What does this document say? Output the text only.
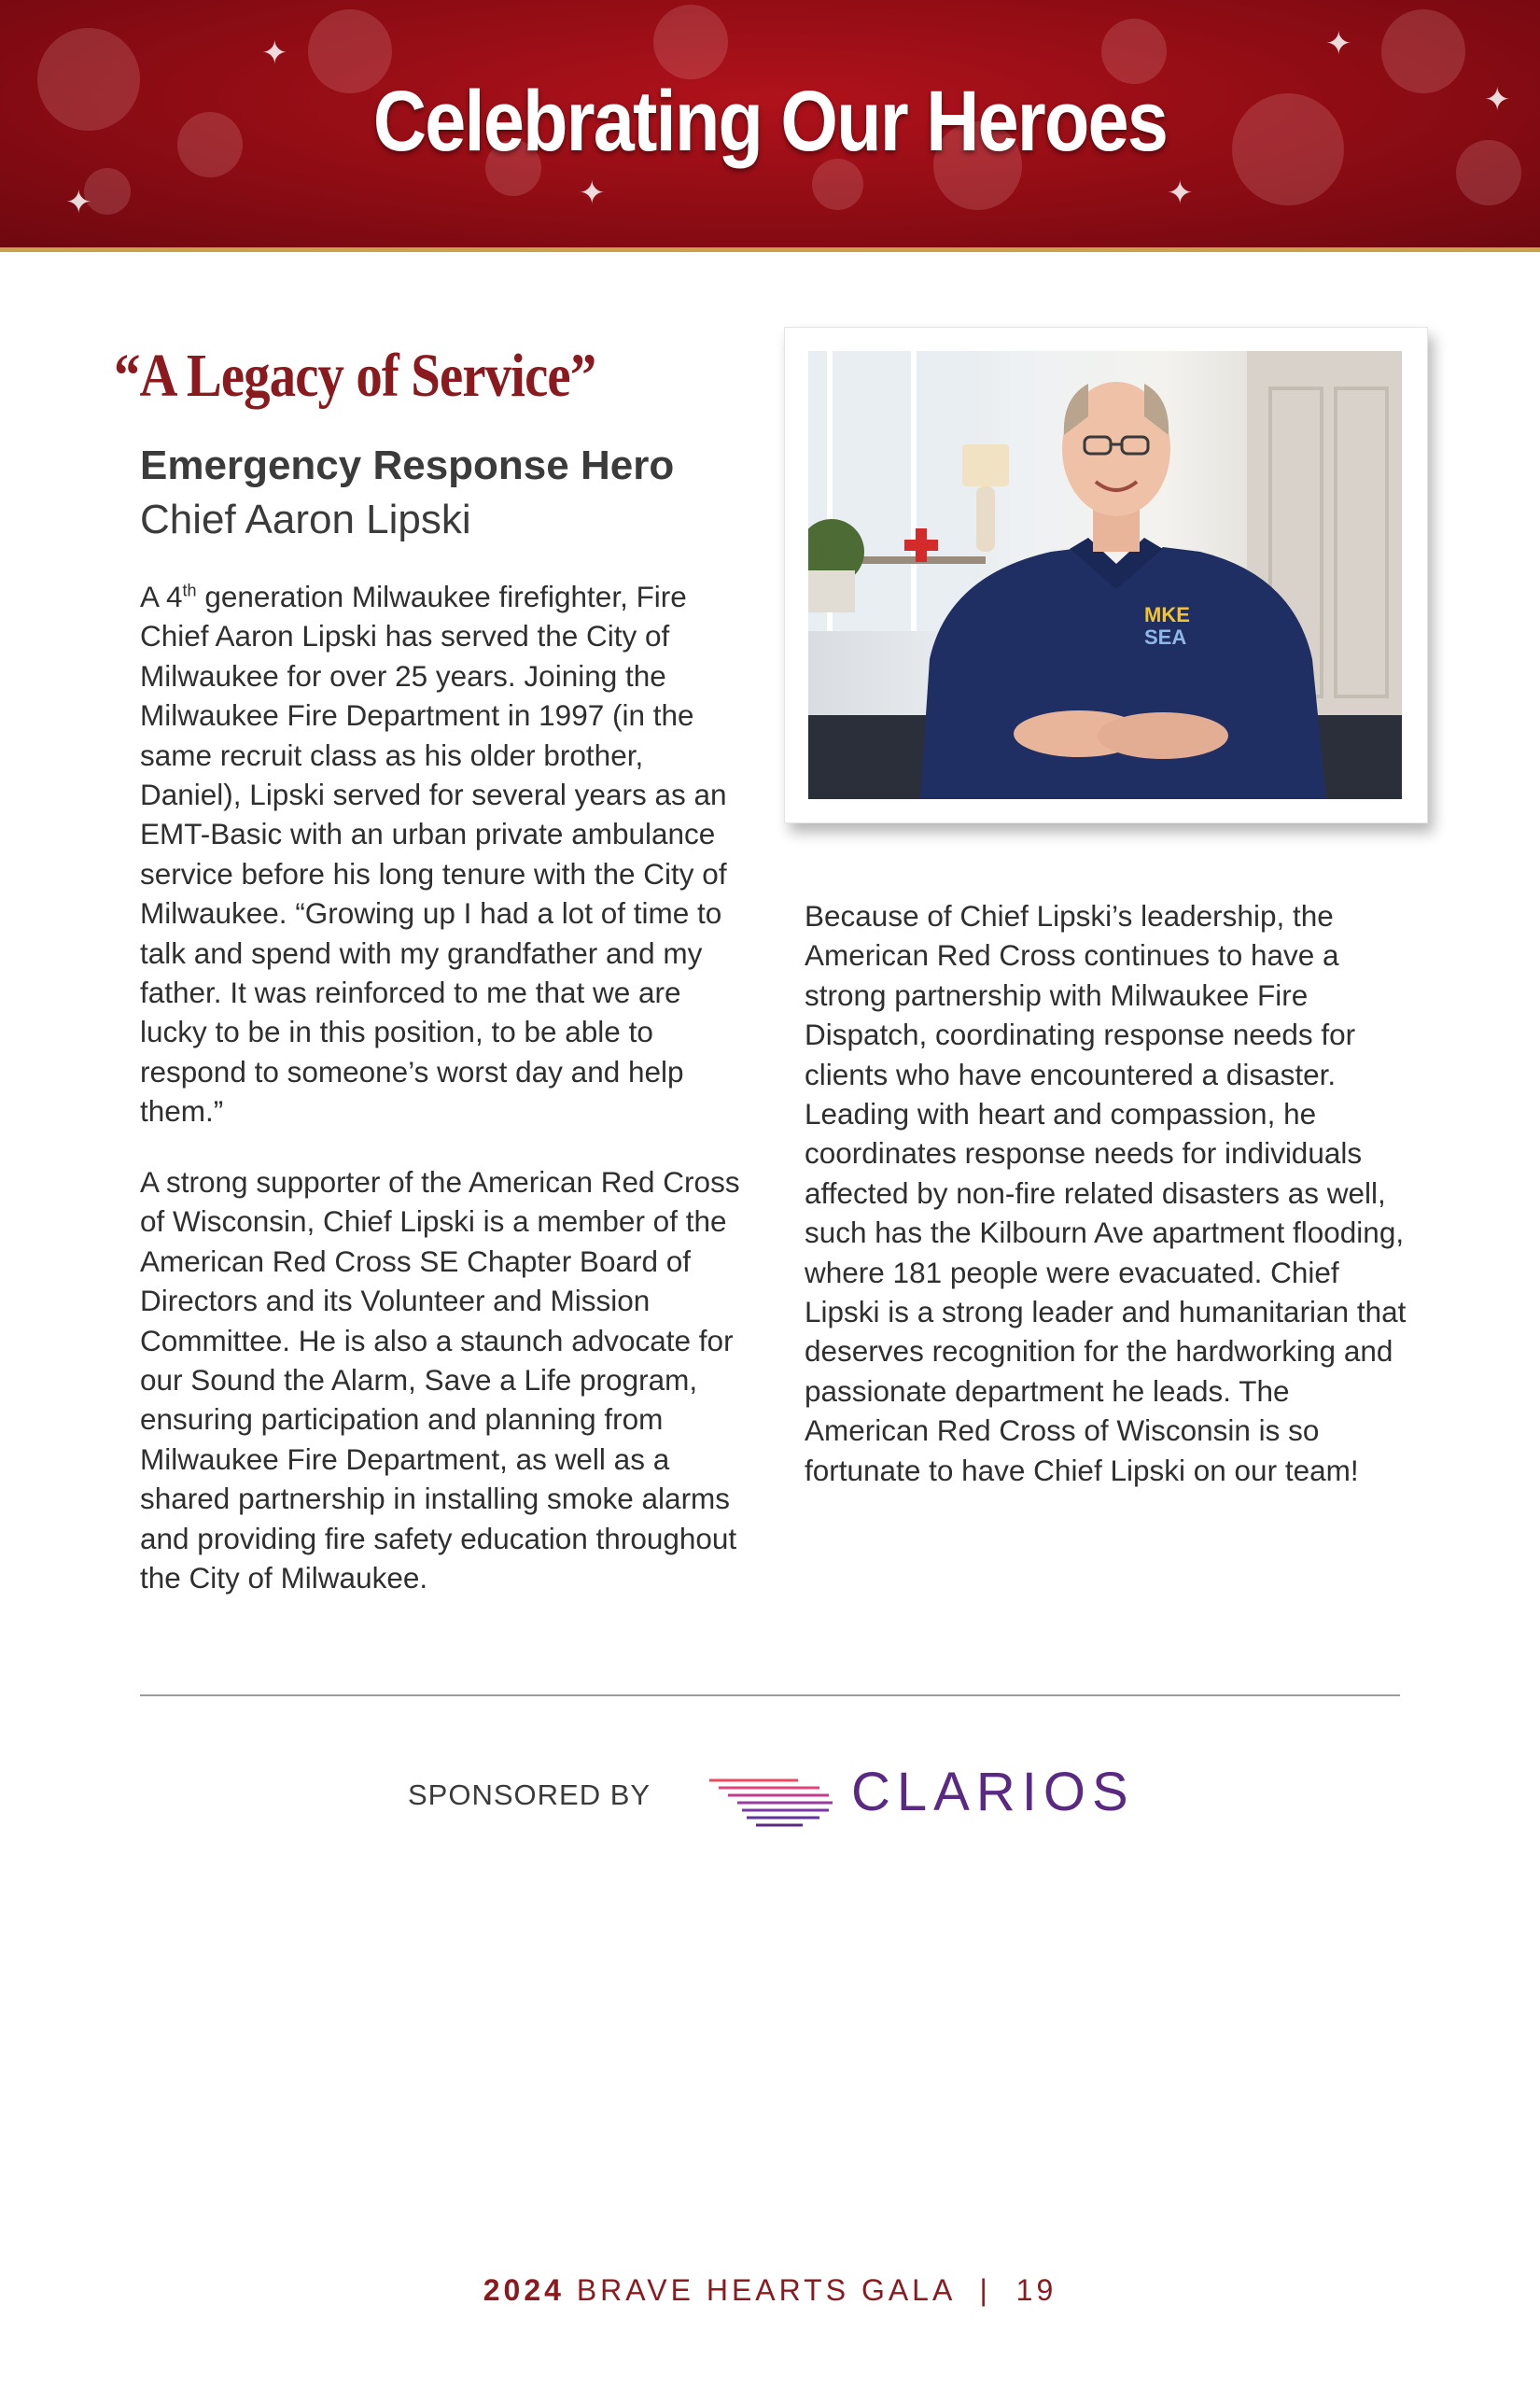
✦
✦
✦	✦
✦
✦
Celebrating Our Heroes
“A Legacy of Service”
Emergency Response Hero
Chief Aaron Lipski

A 4th generation Milwaukee firefighter, Fire Chief Aaron Lipski has served the City of Milwaukee for over 25 years. Joining the Milwaukee Fire Department in 1997 (in the same recruit class as his older brother, Daniel), Lipski served for several years as an EMT-Basic with an urban private ambulance service before his long tenure with the City of Milwaukee. “Growing up I had a lot of time to talk and spend with my grandfather and my father. It was reinforced to me that we are lucky to be in this position, to be able to respond to someone’s worst day and help them.”

A strong supporter of the American Red Cross of Wisconsin, Chief Lipski is a member of the American Red Cross SE Chapter Board of Directors and its Volunteer and Mission Committee. He is also a staunch advocate for our Sound the Alarm, Save a Life program, ensuring participation and planning from Milwaukee Fire Department, as well as a shared partnership in installing smoke alarms and providing fire safety education throughout the City of Milwaukee.

MKE
SEA

Because of Chief Lipski’s leadership, the American Red Cross continues to have a strong partnership with Milwaukee Fire Dispatch, coordinating response needs for clients who have encountered a disaster. Leading with heart and compassion, he coordinates response needs for individuals affected by non-fire related disasters as well, such has the Kilbourn Ave apartment flooding, where 181 people were evacuated. Chief Lipski is a strong leader and humanitarian that deserves recognition for the hardworking and passionate department he leads. The American Red Cross of Wisconsin is so fortunate to have Chief Lipski on our team!

SPONSORED BY	CLARIOS
2024 BRAVE HEARTS GALA | 19
